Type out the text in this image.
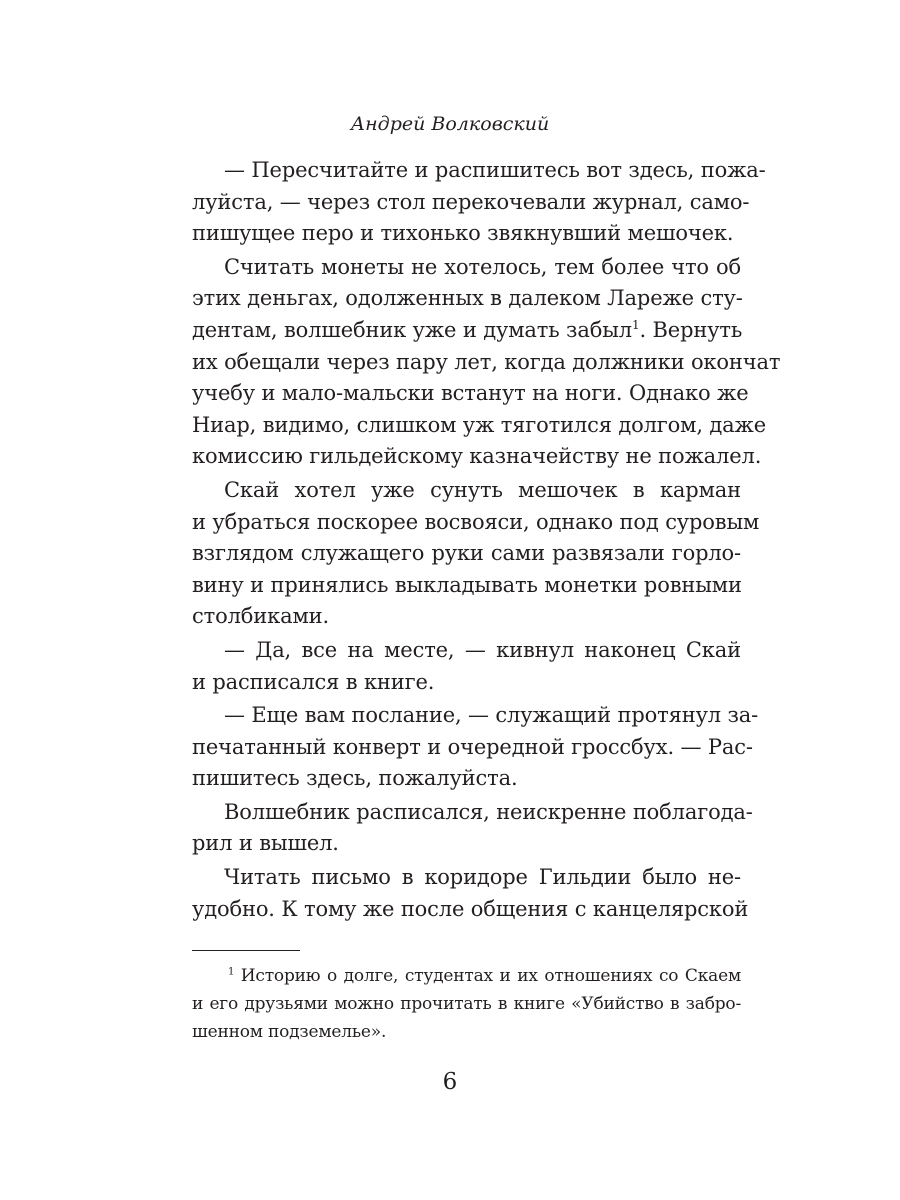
Андрей Волковский
— Пересчитайте и распишитесь вот здесь, пожа-
луйста, — через стол перекочевали журнал, само-
пишущее перо и тихонько звякнувший мешочек.
Считать монеты не хотелось, тем более что об
этих деньгах, одолженных в далеком Лареже сту-
дентам, волшебник уже и думать забыл$^1$. Вернуть
их обещали через пару лет, когда должники окончат
учебу и мало-мальски встанут на ноги. Однако же
Ниар, видимо, слишком уж тяготился долгом, даже
комиссию гильдейскому казначейству не пожалел.
Скай хотел уже сунуть мешочек в карман
и убраться поскорее восвояси, однако под суровым
взглядом служащего руки сами развязали горло-
вину и принялись выкладывать монетки ровными
столбиками.
— Да, все на месте, — кивнул наконец Скай
и расписался в книге.
— Еще вам послание, — служащий протянул за-
печатанный конверт и очередной гроссбух. — Рас-
пишитесь здесь, пожалуйста.
Волшебник расписался, неискренне поблагода-
рил и вышел.
Читать письмо в коридоре Гильдии было не-
удобно. К тому же после общения с канцелярской
$^1$ Историю о долге, студентах и их отношениях со Скаем
и его друзьями можно прочитать в книге «Убийство в забро-
шенном подземелье».
6
